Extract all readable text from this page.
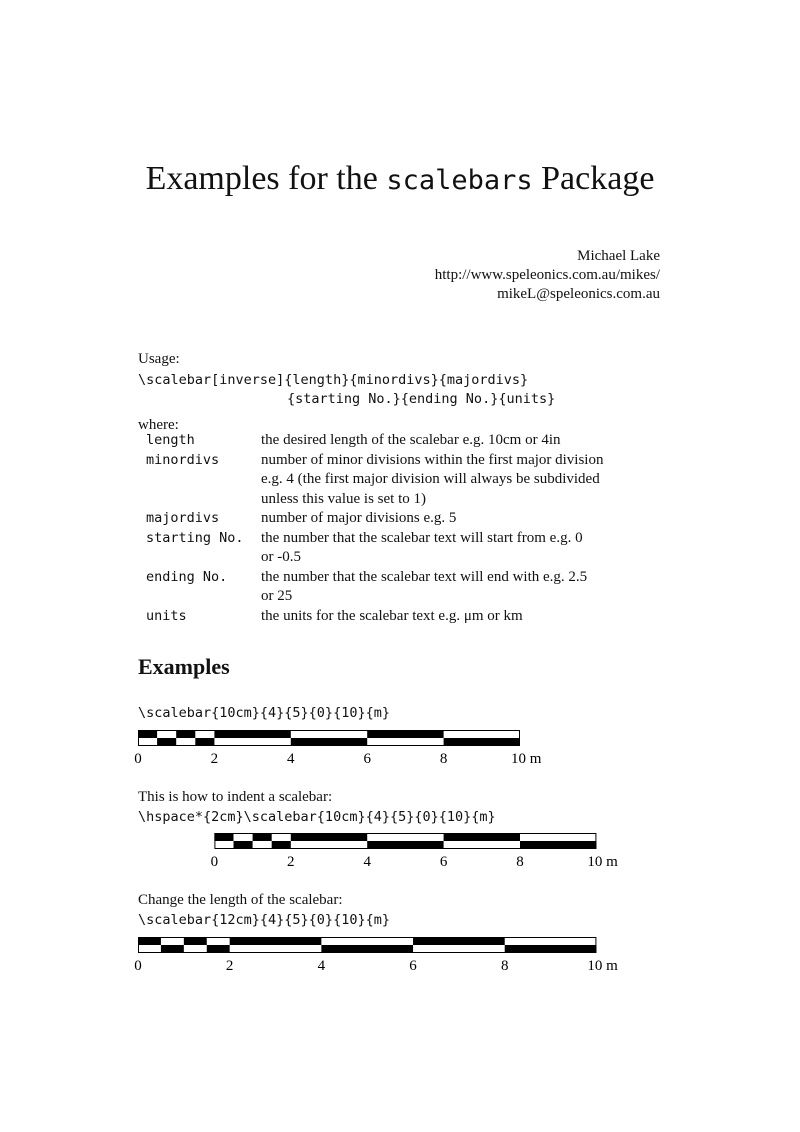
Examples for the scalebars Package
Michael Lake
http://www.speleonics.com.au/mikes/
mikeL@speleonics.com.au
Usage:
\scalebar[inverse]{length}{minordivs}{majordivs}
{starting No.}{ending No.}{units}
where:
length	the desired length of the scalebar e.g. 10cm or 4in
minordivs	number of minor divisions within the first major division
e.g. 4 (the first major division will always be subdivided
unless this value is set to 1)
majordivs	number of major divisions e.g. 5
starting No.	the number that the scalebar text will start from e.g. 0
or -0.5
ending No.	the number that the scalebar text will end with e.g. 2.5
or 25
units	the units for the scalebar text e.g. μm or km
Examples
\scalebar{10cm}{4}{5}{0}{10}{m}
0	2	4	6	8	10 m
This is how to indent a scalebar:
\hspace*{2cm}\scalebar{10cm}{4}{5}{0}{10}{m}
0	2	4	6	8	10 m
Change the length of the scalebar:
\scalebar{12cm}{4}{5}{0}{10}{m}
0	2	4	6	8	10 m
